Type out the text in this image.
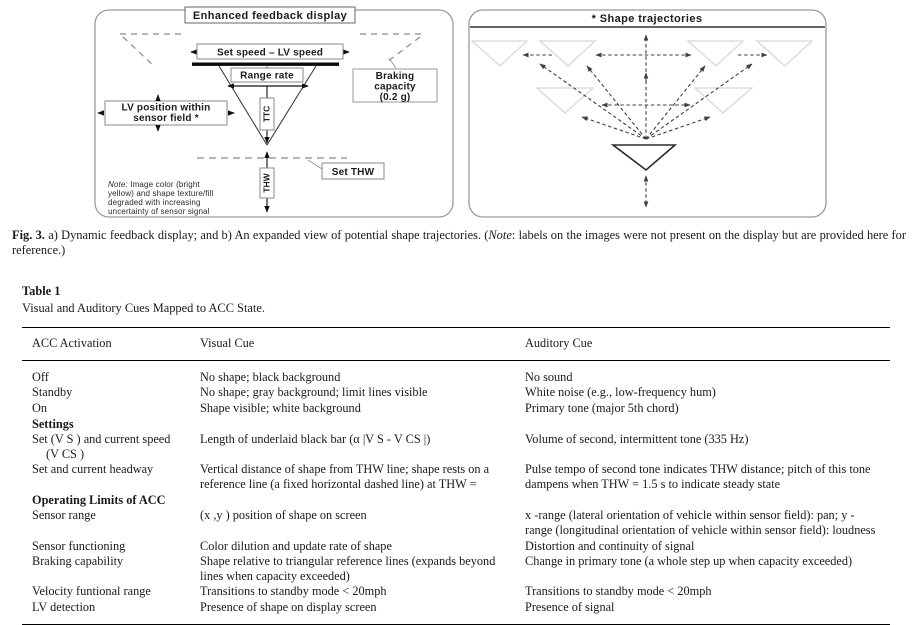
Set speed – LV speed
Range rate
TTC
THW
Set THW
LV position within
sensor field *
Braking
capacity
(0.2 g)
Note: Image color (bright
yellow) and shape texture/fill
degraded with increasing
uncertainty of sensor signal
Enhanced feedback display	* Shape trajectories

Fig. 3. a) Dynamic feedback display; and b) An expanded view of potential shape trajectories. (Note: labels on the images were not present on the display but are provided here for reference.)

Table 1

Visual and Auditory Cues Mapped to ACC State.

ACC Activation	Visual Cue	Auditory Cue
Off	No shape; black background	No sound
Standby	No shape; gray background; limit lines visible	White noise (e.g., low-frequency hum)
On	Shape visible; white background	Primary tone (major 5th chord)
Settings		
Set (V S ) and current speed (V CS )	Length of underlaid black bar (α |V S - V CS |)	Volume of second, intermittent tone (335 Hz)
Set and current headway	Vertical distance of shape from THW line; shape rests on a reference line (a fixed horizontal dashed line) at THW =	Pulse tempo of second tone indicates THW distance; pitch of this tone dampens when THW = 1.5 s to indicate steady state
Operating Limits of ACC		
Sensor range	(x ,y ) position of shape on screen	x -range (lateral orientation of vehicle within sensor field): pan; y -range (longitudinal orientation of vehicle within sensor field): loudness
Sensor functioning	Color dilution and update rate of shape	Distortion and continuity of signal
Braking capability	Shape relative to triangular reference lines (expands beyond lines when capacity exceeded)	Change in primary tone (a whole step up when capacity exceeded)
Velocity funtional range	Transitions to standby mode < 20mph	Transitions to standby mode < 20mph
LV detection	Presence of shape on display screen	Presence of signal
